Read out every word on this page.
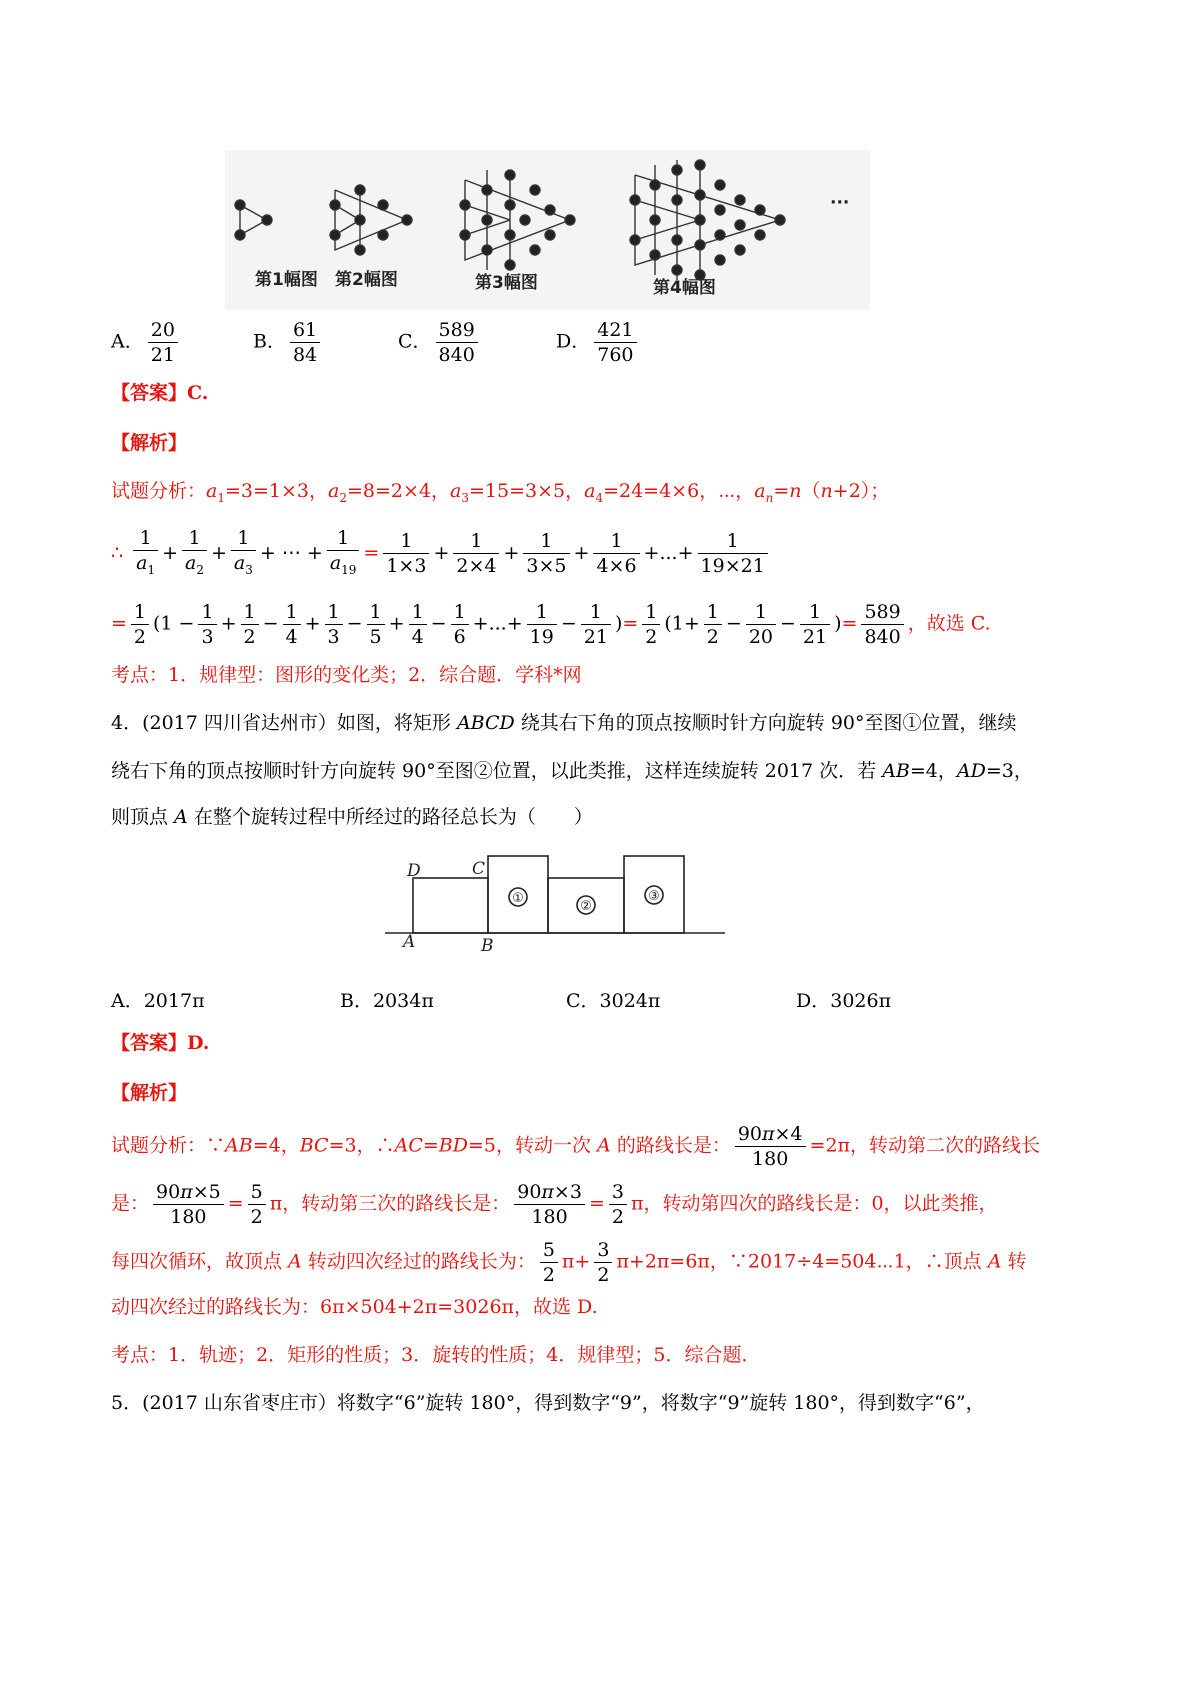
第1幅图 第2幅图	第3幅图	第4幅图
···
A． $\frac{20}{21}$	B． $\frac{61}{84}$	C． $\frac{589}{840}$	D． $\frac{421}{760}$
【答案】C.
【解析】
试题分析：$a_1=3=1\times 3$，$a_2=8=2\times 4$，$a_3=15=3\times 5$，$a_4=24=4\times 6$，⋯，$a_n=n(n+2)$；
∴ $\frac{1}{a_1} + \frac{1}{a_2} + \frac{1}{a_3}$ + ⋯ + $\frac{1}{a_{19}} = \frac{1}{1\times 3} + \frac{1}{2\times 4} + \frac{1}{3\times 5} + \frac{1}{4\times 6}$ +...+ $\frac{1}{19\times 21}$
= $\frac{1}{2} (1 - \frac{1}{3} + \frac{1}{2} - \frac{1}{4} + \frac{1}{3} - \frac{1}{5} + \frac{1}{4} - \frac{1}{6}$ +...+ $\frac{1}{19} - \frac{1}{21}$ )= $\frac{1}{2} (1+ \frac{1}{2} - \frac{1}{20} - \frac{1}{21}$ )= $\frac{589}{840}$ ，故选 C.
考点：1．规律型：图形的变化类；2．综合题．学科*网
4．(2017 四川省达州市）如图，将矩形 ABCD 绕其右下角的顶点按顺时针方向旋转 90°至图①位置，继续
绕右下角的顶点按顺时针方向旋转 90°至图②位置，以此类推，这样连续旋转 2017 次．若 AB=4，AD=3，
则顶点 A 在整个旋转过程中所经过的路径总长为（　　）
D	C
A	B
①
②
③
A．2017π	B．2034π	C．3024π	D．3026π
【答案】D.
【解析】
试题分析：∵AB=4，BC=3，∴AC=BD=5，转动一次 A 的路线长是： $\frac{90\pi\times 4}{180} =2\pi$，转动第二次的路线长
是： $\frac{90\pi\times 5}{180} = \frac{5}{2}$ π，转动第三次的路线长是： $\frac{90\pi\times 3}{180} = \frac{3}{2}$ π，转动第四次的路线长是：0，以此类推，
每四次循环，故顶点 A 转动四次经过的路线长为： $\frac{5}{2} \pi+ \frac{3}{2} \pi+2\pi=6\pi$，∵2017÷4=504⋯1，∴顶点 A 转
动四次经过的路线长为：6π×504+2π=3026π，故选 D.
考点：1．轨迹；2．矩形的性质；3．旋转的性质；4．规律型；5．综合题．
5．(2017 山东省枣庄市）将数字“6”旋转 180°，得到数字“9”，将数字“9”旋转 180°，得到数字“6”，
